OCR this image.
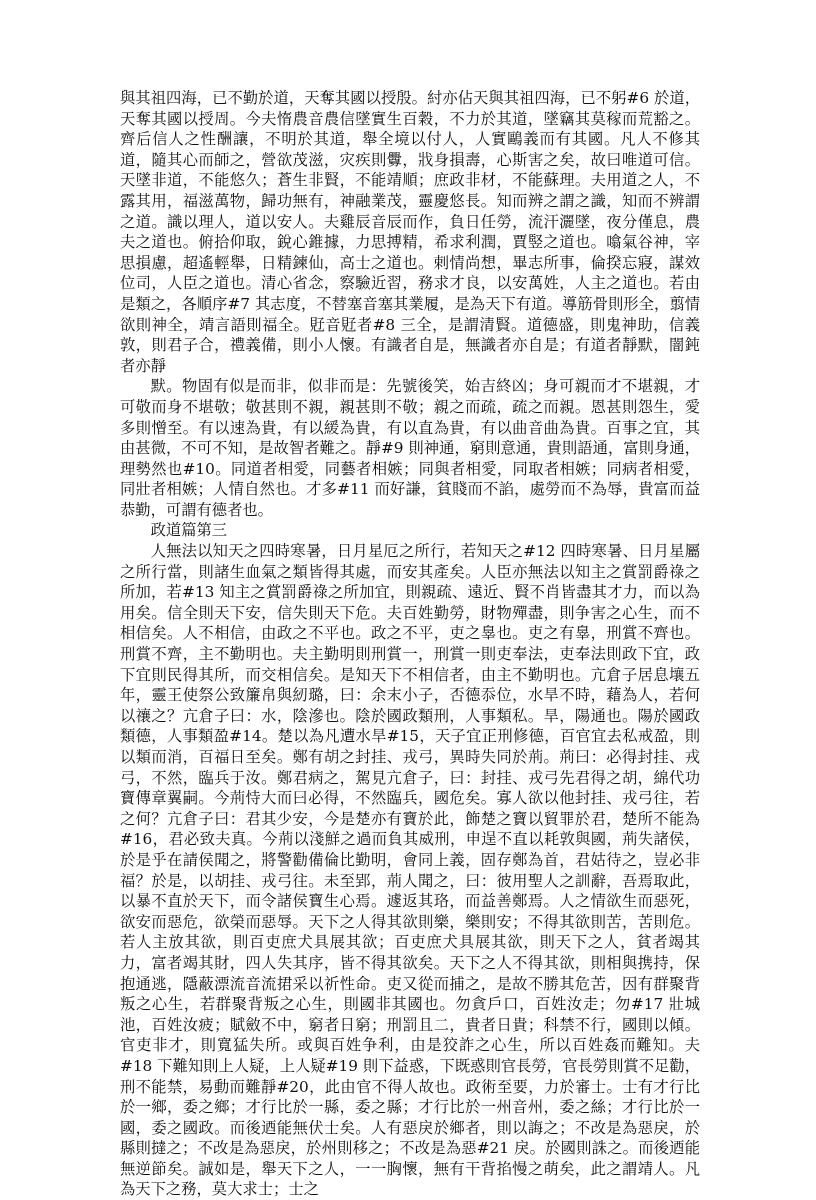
與其祖四海，已不勤於道，天奪其國以授殷。紂亦佔天與其祖四海，已不躬#6 於道，天奪其國以授周。今夫惰農音農信墜實生百穀，不力於其道，墜竊其莫稼而荒豁之。齊后信人之性酬讓，不明於其道，舉全境以付人，人實鷗義而有其國。凡人不修其道，隨其心而師之，營欲茂滋，灾疾則釁，戕身損壽，心斯害之矣，故曰唯道可信。天墜非道，不能悠久；蒼生非賢，不能靖順；庶政非材，不能蘇理。夫用道之人，不露其用，福滋萬物，歸功無有，神融業茂，靈慶悠長。知而辨之謂之識，知而不辨謂之道。識以理人，道以安人。夫雞辰音辰而作，負日任勞，流汗灑墜，夜分僅息，農夫之道也。俯拾仰取，銳心錐據，力思搏精，希求利潤，賈竪之道也。噏氣谷神，宰思損慮，超遙輕舉，日精鍊仙，高士之道也。剌情尚想，畢志所事，倫揆忘寢，謀效位司，人臣之道也。清心省念，察驗近習，務求才良，以安萬姓，人主之道也。若由是類之，各順序#7 其志度，不替塞音塞其業履，是為天下有道。導筋骨則形全，翦情欲則神全，靖言語則福全。覎音覎者#8 三全，是謂清賢。道德盛，則鬼神助，信義敦，則君子合，禮義備，則小人懷。有識者自是，無識者亦自是；有道者靜默，闇鈍者亦靜

默。物固有似是而非，似非而是：先號後笑，始吉終凶；身可親而才不堪親，才可敬而身不堪敬；敬甚則不親，親甚則不敬；親之而疏，疏之而親。恩甚則怨生，愛多則憎至。有以速為貴，有以緩為貴，有以直為貴，有以曲音曲為貴。百事之宜，其由甚微，不可不知，是故智者難之。靜#9 則神通，窮則意通，貴則語通，富則身通，理勢然也#10。同道者相愛，同藝者相嫉；同與者相愛，同取者相嫉；同病者相愛，同壯者相嫉；人情自然也。才多#11 而好謙，貧賤而不諂，處勞而不為辱，貴富而益恭勤，可謂有德者也。

政道篇第三

人無法以知天之四時寒暑，日月星厄之所行，若知天之#12 四時寒暑、日月星屬之所行當，則諸生血氣之類皆得其處，而安其產矣。人臣亦無法以知主之賞罰爵祿之所加，若#13 知主之賞罰爵祿之所加宜，則親疏、遠近、賢不肖皆盡其才力，而以為用矣。信全則天下安，信失則天下危。夫百姓勤勞，財物殫盡，則争害之心生，而不相信矣。人不相信，由政之不平也。政之不平，吏之辠也。吏之有辠，刑賞不齊也。刑賞不齊，主不勤明也。夫主勤明則刑賞一，刑賞一則吏奉法，吏奉法則政下宜，政下宜則民得其所，而交相信矣。是知天下不相信者，由主不勤明也。亢倉子居息壤五年，靈王使祭公致簾帛與紉璐，曰：余末小子，否德忝位，水旱不時，藉為人，若何以禳之？亢倉子曰：水，陰滲也。陰於國政類刑，人事類私。旱，陽通也。陽於國政類德，人事類盈#14。楚以為凡遭水旱#15，天子宜正刑修德，百官宜去私戒盈，則以類而消，百福日至矣。鄭有胡之封挂、戎弓，異時失同於荊。荊曰：必得封挂、戎弓，不然，臨兵于汝。鄭君病之，駕見亢倉子，曰：封挂、戎弓先君得之胡，綿代功寶傳章翼嗣。今荊恃大而曰必得，不然臨兵，國危矣。寡人欲以他封挂、戎弓往，若之何？亢倉子曰：君其少安，今是楚亦有寶於此，飾楚之寶以貿罪於君，楚所不能為#16，君必致夫真。今荊以淺鮮之過而負其威刑，申逞不直以耗敦與國，荊失諸侯，於是乎在請侯聞之，將警勸備倫比勤明，會同上義，固存鄭為首，君姑待之，豈必非福？於是，以胡挂、戎弓往。未至郢，荊人聞之，曰：彼用聖人之訓辭，吾焉取此，以暴不直於天下，而令諸侯寶生心焉。遽返其珞，而益善鄭焉。人之情欲生而惡死，欲安而惡危，欲榮而惡辱。天下之人得其欲則樂，樂則安；不得其欲則苦，苦則危。若人主放其欲，則百吏庶犬具展其欲；百吏庶犬具展其欲，則天下之人，貧者竭其力，富者竭其財，四人失其序，皆不得其欲矣。天下之人不得其欲，則相與携持，保抱通逃，隱蔽漂流音流捃采以祈性命。吏又從而捕之，是故不勝其危苦，因有群聚背叛之心生，若群聚背叛之心生，則國非其國也。勿貪戶口，百姓汝走；勿#17 壯城池，百姓汝疲；賦斂不中，窮者日窮；刑罰且二，貴者日貴；科禁不行，國則以傾。官吏非才，則寬猛失所。或與百姓争利，由是狡詐之心生，所以百姓姦而難知。夫#18 下難知則上人疑，上人疑#19 則下益惑，下既惑則官長勞，官長勞則賞不足勸，刑不能禁，易動而難靜#20，此由官不得人故也。政術至要，力於審士。士有才行比於一鄉，委之鄉；才行比於一縣，委之縣；才行比於一州音州，委之絲；才行比於一國，委之國政。而後迺能無伏士矣。人有惡戾於鄉者，則以誨之；不改是為惡戾，於縣則撻之；不改是為惡戾，於州則移之；不改是為惡#21 戾。於國則誅之。而後迺能無逆節矣。誠如是，舉天下之人，一一胸懷，無有干背掐慢之萌矣，此之謂靖人。凡為天下之務，莫大求士；士之
